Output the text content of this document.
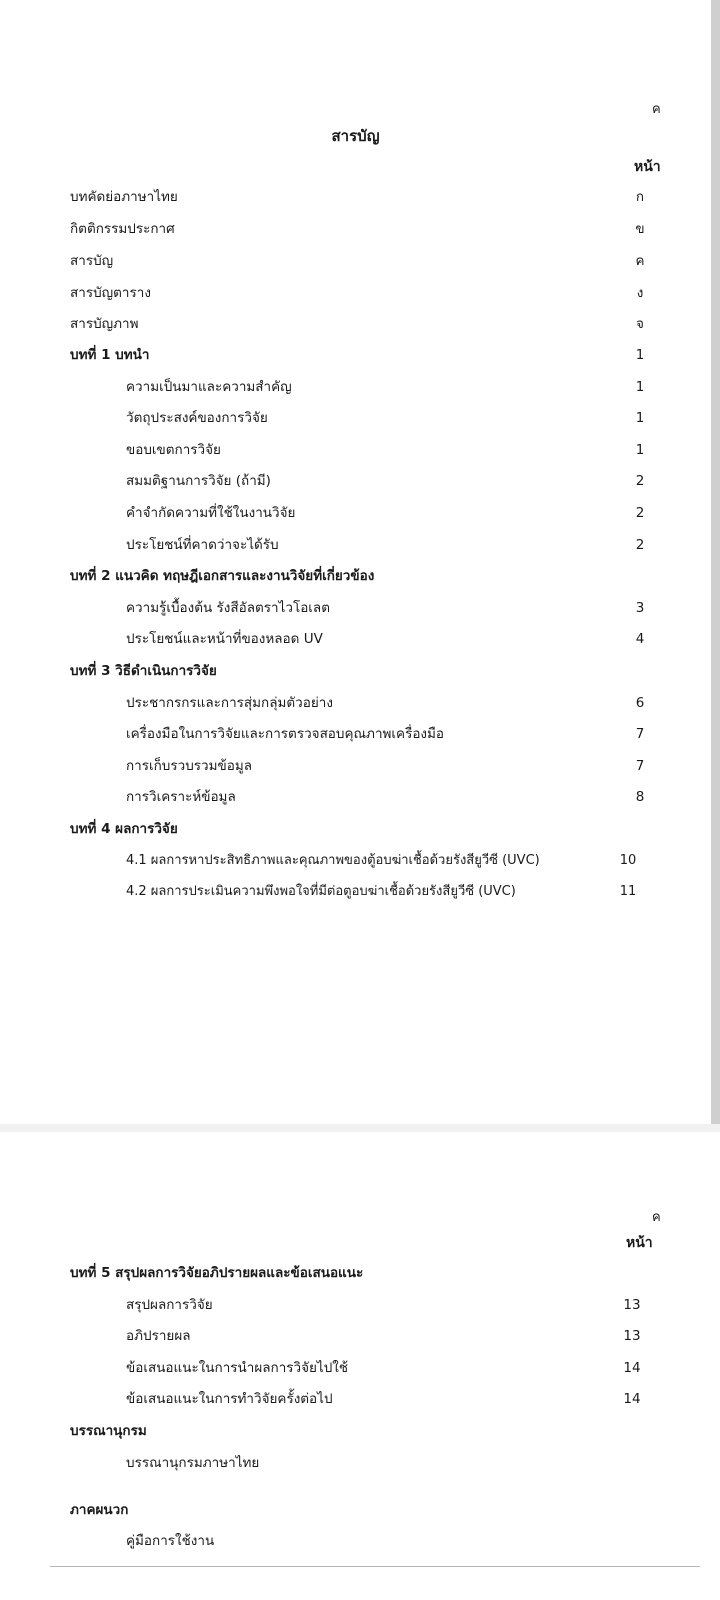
ค
สารบัญ
หน้า
บทคัดย่อภาษาไทย	ก
กิตติกรรมประกาศ	ข
สารบัญ	ค
สารบัญตาราง	ง
สารบัญภาพ	จ
บทที่ 1 บทนำ	1
ความเป็นมาและความสำคัญ	1
วัตถุประสงค์ของการวิจัย	1
ขอบเขตการวิจัย	1
สมมติฐานการวิจัย (ถ้ามี)	2
คำจำกัดความที่ใช้ในงานวิจัย	2
ประโยชน์ที่คาดว่าจะได้รับ	2
บทที่ 2 แนวคิด ทฤษฎีเอกสารและงานวิจัยที่เกี่ยวข้อง
ความรู้เบื้องต้น รังสีอัลตราไวโอเลต	3
ประโยชน์และหน้าที่ของหลอด UV	4
บทที่ 3 วิธีดำเนินการวิจัย
ประชากรกรและการสุ่มกลุ่มตัวอย่าง	6
เครื่องมือในการวิจัยและการตรวจสอบคุณภาพเครื่องมือ	7
การเก็บรวบรวมข้อมูล	7
การวิเคราะห์ข้อมูล	8
บทที่ 4 ผลการวิจัย
4.1 ผลการหาประสิทธิภาพและคุณภาพของตู้อบฆ่าเชื้อด้วยรังสียูวีซี (UVC)	10
4.2 ผลการประเมินความพึงพอใจที่มีต่อตูอบฆ่าเชื้อด้วยรังสียูวีซี (UVC)	11
ค
หน้า
บทที่ 5 สรุปผลการวิจัยอภิปรายผลและข้อเสนอแนะ
สรุปผลการวิจัย	13
อภิปรายผล	13
ข้อเสนอแนะในการนำผลการวิจัยไปใช้	14
ข้อเสนอแนะในการทำวิจัยครั้งต่อไป	14
บรรณานุกรม
บรรณานุกรมภาษาไทย
ภาคผนวก
คู่มือการใช้งาน
